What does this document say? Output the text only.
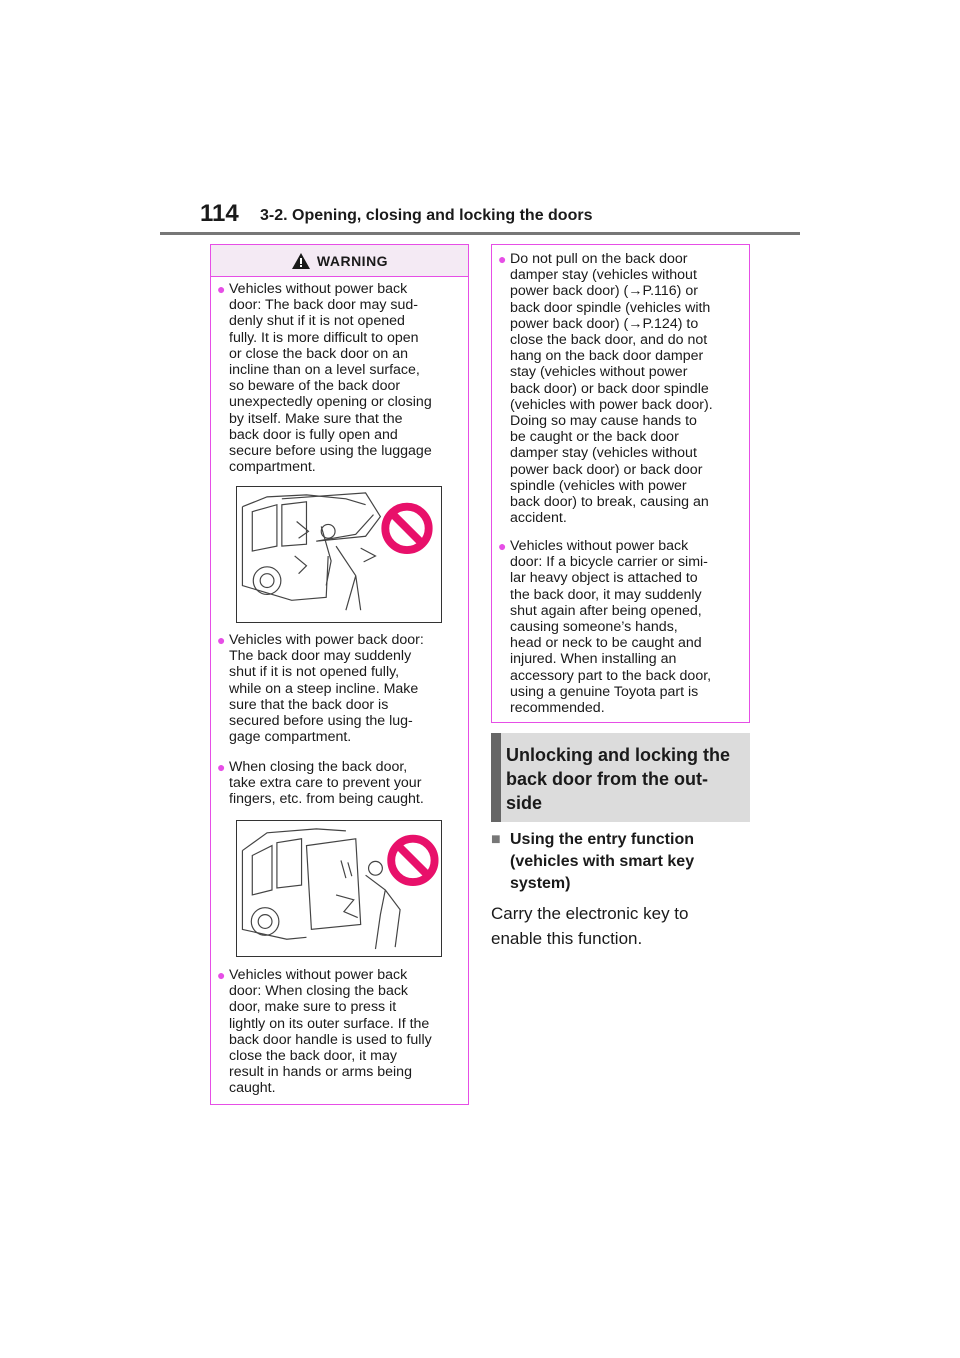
114 3-2. Opening, closing and locking the doors
WARNING
● Vehicles without power back
door: The back door may sud-
denly shut if it is not opened
fully. It is more difficult to open
or close the back door on an
incline than on a level surface,
so beware of the back door
unexpectedly opening or closing
by itself. Make sure that the
back door is fully open and
secure before using the luggage
compartment.
● Vehicles with power back door:
The back door may suddenly
shut if it is not opened fully,
while on a steep incline. Make
sure that the back door is
secured before using the lug-
gage compartment.
● When closing the back door,
take extra care to prevent your
fingers, etc. from being caught.
● Vehicles without power back
door: When closing the back
door, make sure to press it
lightly on its outer surface. If the
back door handle is used to fully
close the back door, it may
result in hands or arms being
caught.
● Do not pull on the back door
damper stay (vehicles without
power back door) (→P.116) or
back door spindle (vehicles with
power back door) (→P.124) to
close the back door, and do not
hang on the back door damper
stay (vehicles without power
back door) or back door spindle
(vehicles with power back door).
Doing so may cause hands to
be caught or the back door
damper stay (vehicles without
power back door) or back door
spindle (vehicles with power
back door) to break, causing an
accident.
● Vehicles without power back
door: If a bicycle carrier or simi-
lar heavy object is attached to
the back door, it may suddenly
shut again after being opened,
causing someone’s hands,
head or neck to be caught and
injured. When installing an
accessory part to the back door,
using a genuine Toyota part is
recommended.
Unlocking and locking the
back door from the out-
side
■ Using the entry function
(vehicles with smart key
system)
Carry the electronic key to
enable this function.
